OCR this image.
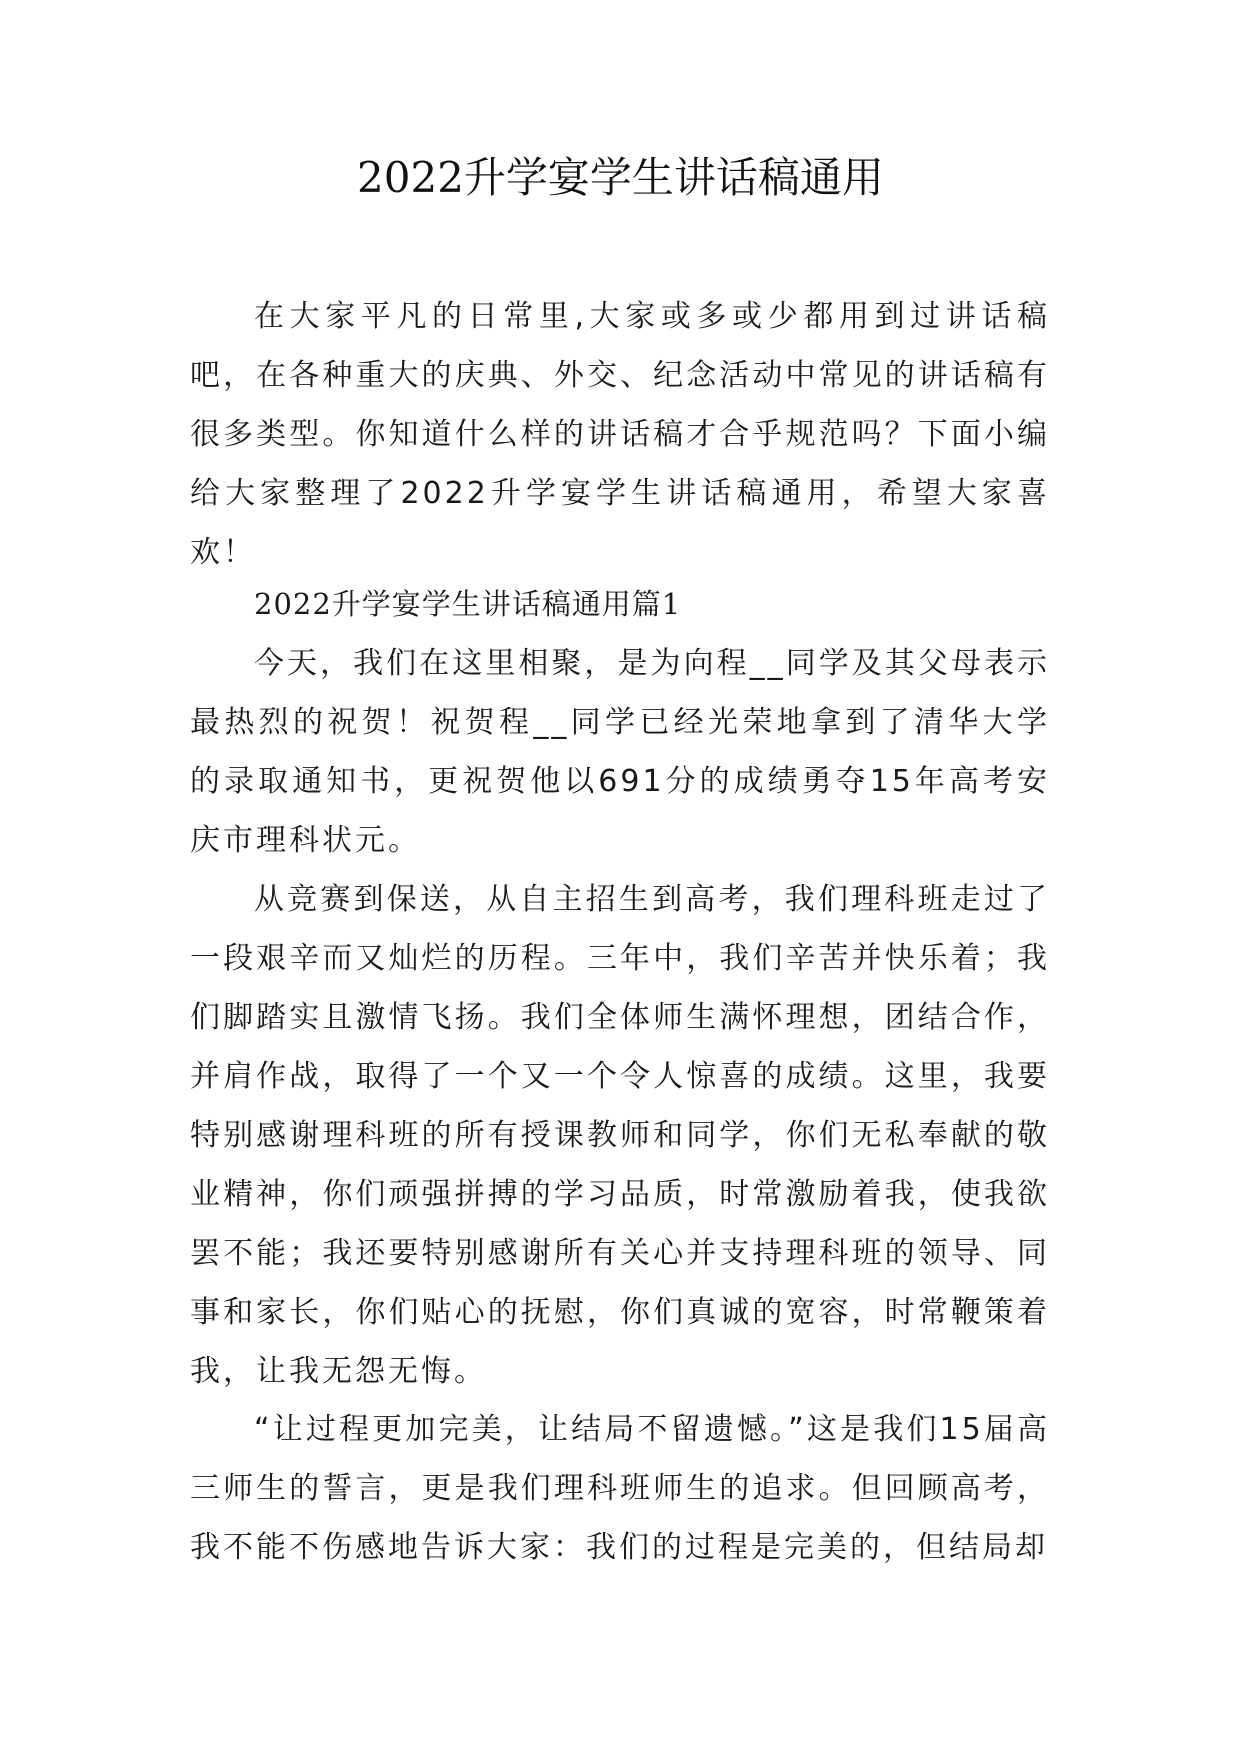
2022升学宴学生讲话稿通用

在大家平凡的日常里,大家或多或少都用到过讲话稿吧，在各种重大的庆典、外交、纪念活动中常见的讲话稿有很多类型。你知道什么样的讲话稿才合乎规范吗？下面小编给大家整理了2022升学宴学生讲话稿通用，希望大家喜欢！

2022升学宴学生讲话稿通用篇1

今天，我们在这里相聚，是为向程__同学及其父母表示最热烈的祝贺！祝贺程__同学已经光荣地拿到了清华大学的录取通知书，更祝贺他以691分的成绩勇夺15年高考安庆市理科状元。

从竞赛到保送，从自主招生到高考，我们理科班走过了一段艰辛而又灿烂的历程。三年中，我们辛苦并快乐着；我们脚踏实且激情飞扬。我们全体师生满怀理想，团结合作，并肩作战，取得了一个又一个令人惊喜的成绩。这里，我要特别感谢理科班的所有授课教师和同学，你们无私奉献的敬业精神，你们顽强拼搏的学习品质，时常激励着我，使我欲罢不能；我还要特别感谢所有关心并支持理科班的领导、同事和家长，你们贴心的抚慰，你们真诚的宽容，时常鞭策着我，让我无怨无悔。

“让过程更加完美，让结局不留遗憾。”这是我们15届高三师生的誓言，更是我们理科班师生的追求。但回顾高考，我不能不伤感地告诉大家：我们的过程是完美的，但结局却
